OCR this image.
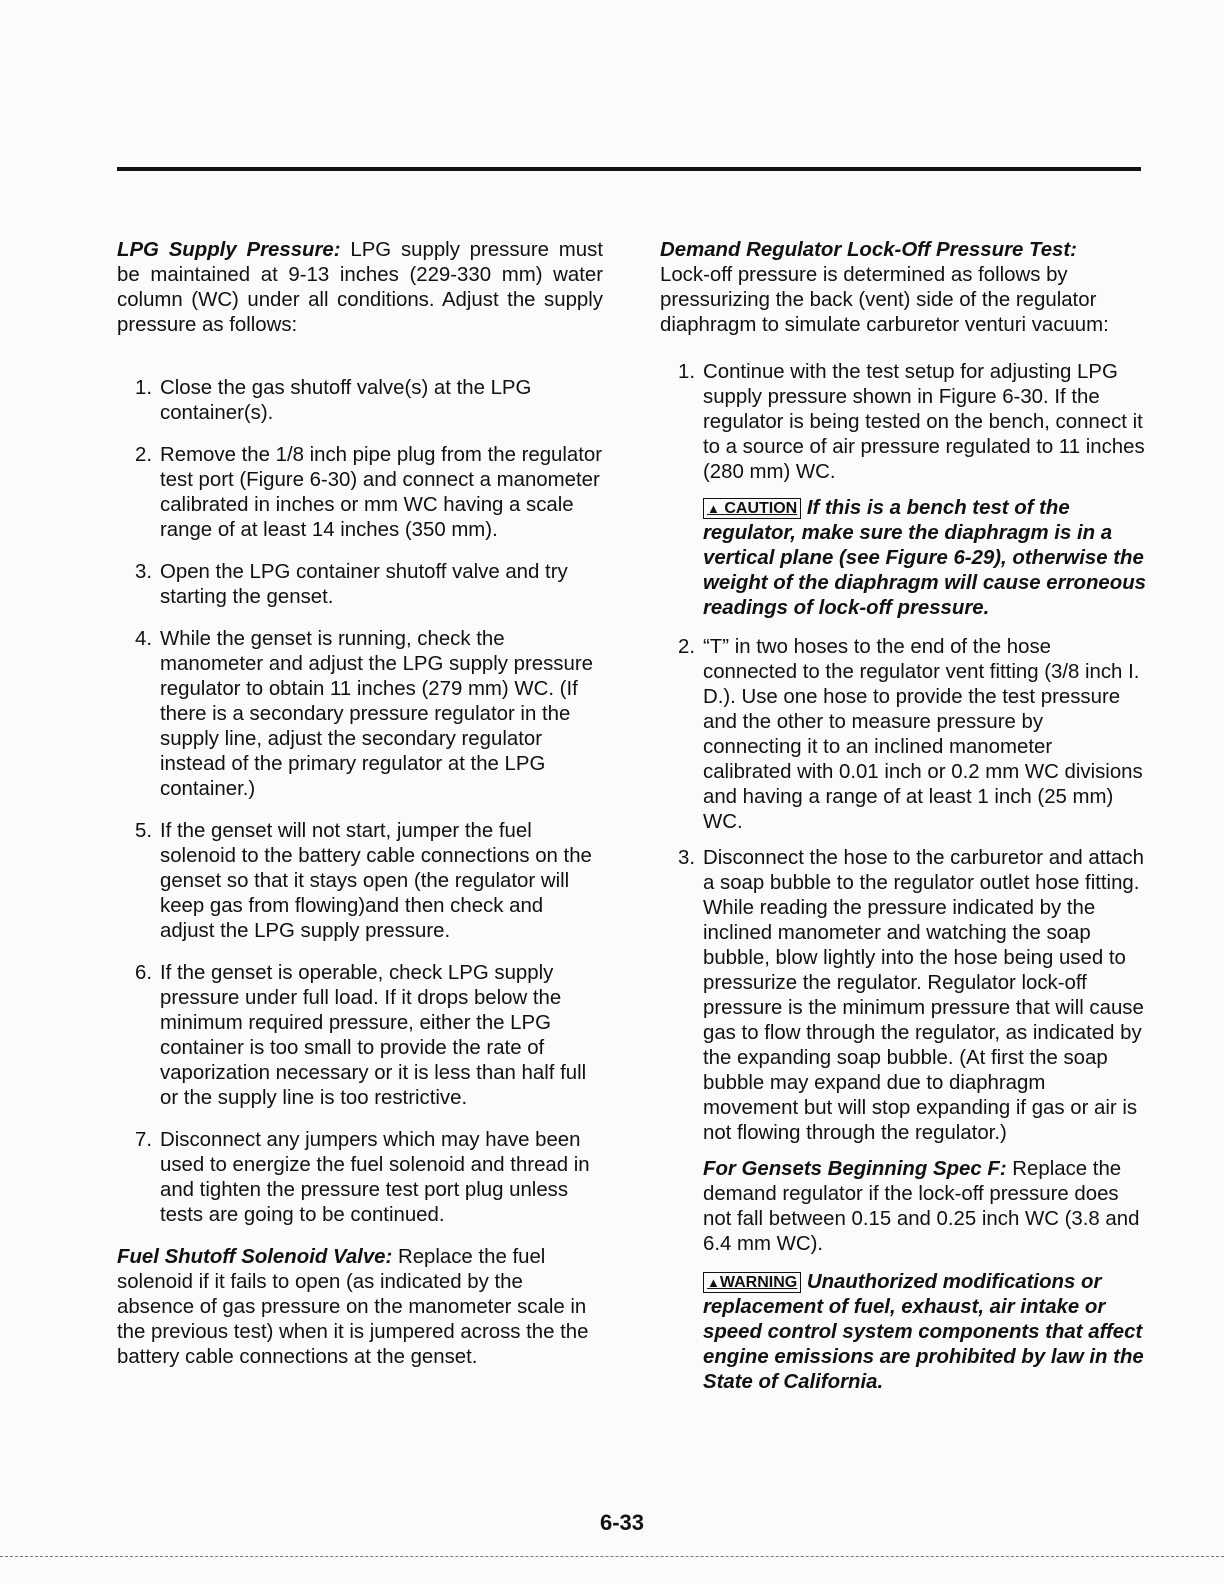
LPG Supply Pressure: LPG supply pressure must be maintained at 9-13 inches (229-330 mm) water column (WC) under all conditions. Adjust the supply pressure as follows:

1. Close the gas shutoff valve(s) at the LPG container(s).
2. Remove the 1/8 inch pipe plug from the regulator test port (Figure 6-30) and connect a manometer calibrated in inches or mm WC having a scale range of at least 14 inches (350 mm).
3. Open the LPG container shutoff valve and try starting the genset.
4. While the genset is running, check the manometer and adjust the LPG supply pressure regulator to obtain 11 inches (279 mm) WC. (If there is a secondary pressure regulator in the supply line, adjust the secondary regulator instead of the primary regulator at the LPG container.)
5. If the genset will not start, jumper the fuel solenoid to the battery cable connections on the genset so that it stays open (the regulator will keep gas from flowing)and then check and adjust the LPG supply pressure.
6. If the genset is operable, check LPG supply pressure under full load. If it drops below the minimum required pressure, either the LPG container is too small to provide the rate of vaporization necessary or it is less than half full or the supply line is too restrictive.
7. Disconnect any jumpers which may have been used to energize the fuel solenoid and thread in and tighten the pressure test port plug unless tests are going to be continued.

Fuel Shutoff Solenoid Valve: Replace the fuel solenoid if it fails to open (as indicated by the absence of gas pressure on the manometer scale in the previous test) when it is jumpered across the the battery cable connections at the genset.

Demand Regulator Lock-Off Pressure Test:
Lock-off pressure is determined as follows by pressurizing the back (vent) side of the regulator diaphragm to simulate carburetor venturi vacuum:

1. Continue with the test setup for adjusting LPG supply pressure shown in Figure 6-30. If the regulator is being tested on the bench, connect it to a source of air pressure regulated to 11 inches (280 mm) WC.

▲ CAUTION If this is a bench test of the regulator, make sure the diaphragm is in a vertical plane (see Figure 6-29), otherwise the weight of the diaphragm will cause erroneous readings of lock-off pressure.

2. “T” in two hoses to the end of the hose connected to the regulator vent fitting (3/8 inch I. D.). Use one hose to provide the test pressure and the other to measure pressure by connecting it to an inclined manometer calibrated with 0.01 inch or 0.2 mm WC divisions and having a range of at least 1 inch (25 mm) WC.
3. Disconnect the hose to the carburetor and attach a soap bubble to the regulator outlet hose fitting. While reading the pressure indicated by the inclined manometer and watching the soap bubble, blow lightly into the hose being used to pressurize the regulator. Regulator lock-off pressure is the minimum pressure that will cause gas to flow through the regulator, as indicated by the expanding soap bubble. (At first the soap bubble may expand due to diaphragm movement but will stop expanding if gas or air is not flowing through the regulator.)

For Gensets Beginning Spec F: Replace the demand regulator if the lock-off pressure does not fall between 0.15 and 0.25 inch WC (3.8 and 6.4 mm WC).

▲WARNING Unauthorized modifications or replacement of fuel, exhaust, air intake or speed control system components that affect engine emissions are prohibited by law in the State of California.

6-33
